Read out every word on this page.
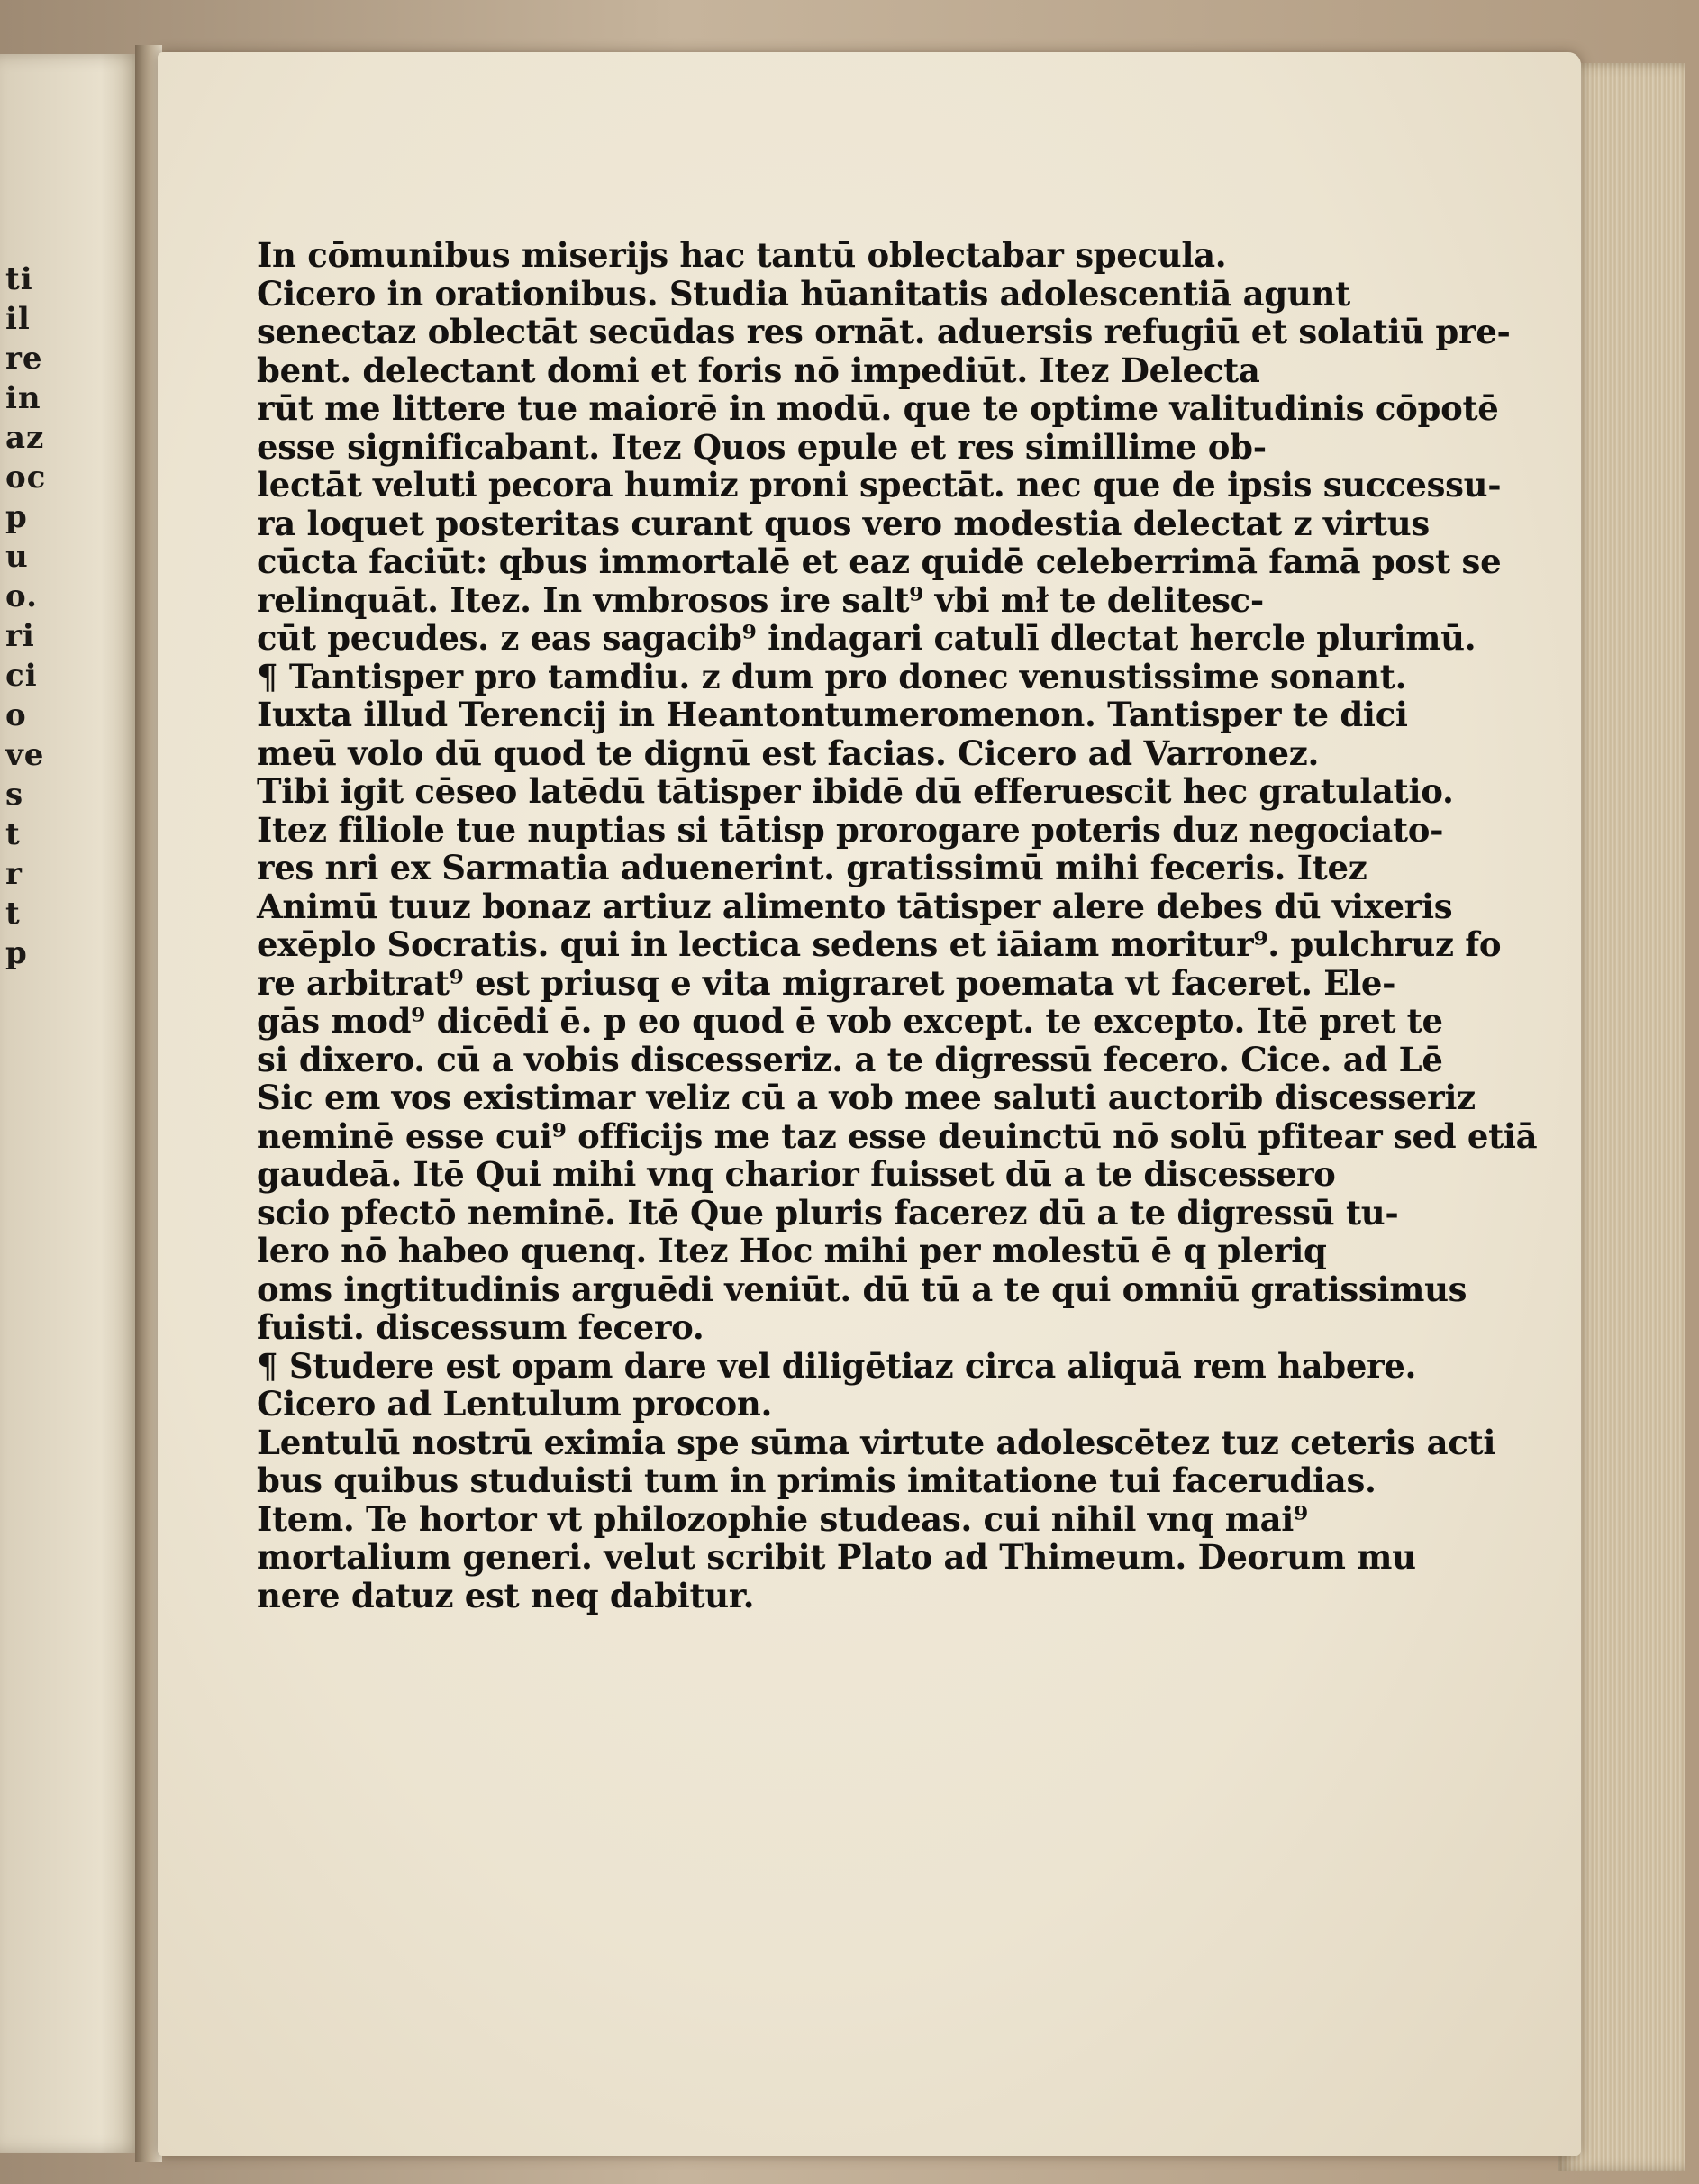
ti
il
re
in
az
oc
p
u
o.
ri
ci
o
ve
s
t
r
t
p
In cōmunibus miserijs hac tantū oblectabar specula.
Cicero in orationibus. Studia hūanitatis adolescentiā agunt
senectaz oblectāt secūdas res ornāt. aduersis refugiū et solatiū pre-
bent. delectant domi et foris nō impediūt. Itez Delecta
rūt me littere tue maiorē in modū. que te optime valitudinis cōpotē
esse significabant. Itez Quos epule et res simillime ob-
lectāt veluti pecora humiz proni spectāt. nec que de ipsis successu-
ra loquet posteritas curant quos vero modestia delectat z virtus
cūcta faciūt: qbus immortalē et eaz quidē celeberrimā famā post se
relinquāt. Itez. In vmbrosos ire salt⁹ vbi mł te delitesc-
cūt pecudes. z eas sagacib⁹ indagari catulī dlectat hercle plurimū.
¶ Tantisper pro tamdiu. z dum pro donec venustissime sonant.
Iuxta illud Terencij in Heantontumeromenon. Tantisper te dici
meū volo dū quod te dignū est facias. Cicero ad Varronez.
Tibi igit cēseo latēdū tātisper ibidē dū efferuescit hec gratulatio.
Itez filiole tue nuptias si tātisp prorogare poteris duz negociato-
res nri ex Sarmatia aduenerint. gratissimū mihi feceris. Itez
Animū tuuz bonaz artiuz alimento tātisper alere debes dū vixeris
exēplo Socratis. qui in lectica sedens et iāiam moritur⁹. pulchruz fo
re arbitrat⁹ est priusq e vita migraret poemata vt faceret. Ele-
gās mod⁹ dicēdi ē. p eo quod ē vob except. te excepto. Itē pret te
si dixero. cū a vobis discesseriz. a te digressū fecero. Cice. ad Lē
Sic em vos existimar veliz cū a vob mee saluti auctorib discesseriz
neminē esse cui⁹ officijs me taz esse deuinctū nō solū pfitear sed etiā
gaudeā. Itē Qui mihi vnq charior fuisset dū a te discessero
scio pfectō neminē. Itē Que pluris facerez dū a te digressū tu-
lero nō habeo quenq. Itez Hoc mihi per molestū ē q pleriq
oms ingtitudinis arguēdi veniūt. dū tū a te qui omniū gratissimus
fuisti. discessum fecero.
¶ Studere est opam dare vel diligētiaz circa aliquā rem habere.
Cicero ad Lentulum procon.
Lentulū nostrū eximia spe sūma virtute adolescētez tuz ceteris acti
bus quibus studuisti tum in primis imitatione tui facerudias.
Item. Te hortor vt philozophie studeas. cui nihil vnq mai⁹
mortalium generi. velut scribit Plato ad Thimeum. Deorum mu
nere datuz est neq dabitur.
